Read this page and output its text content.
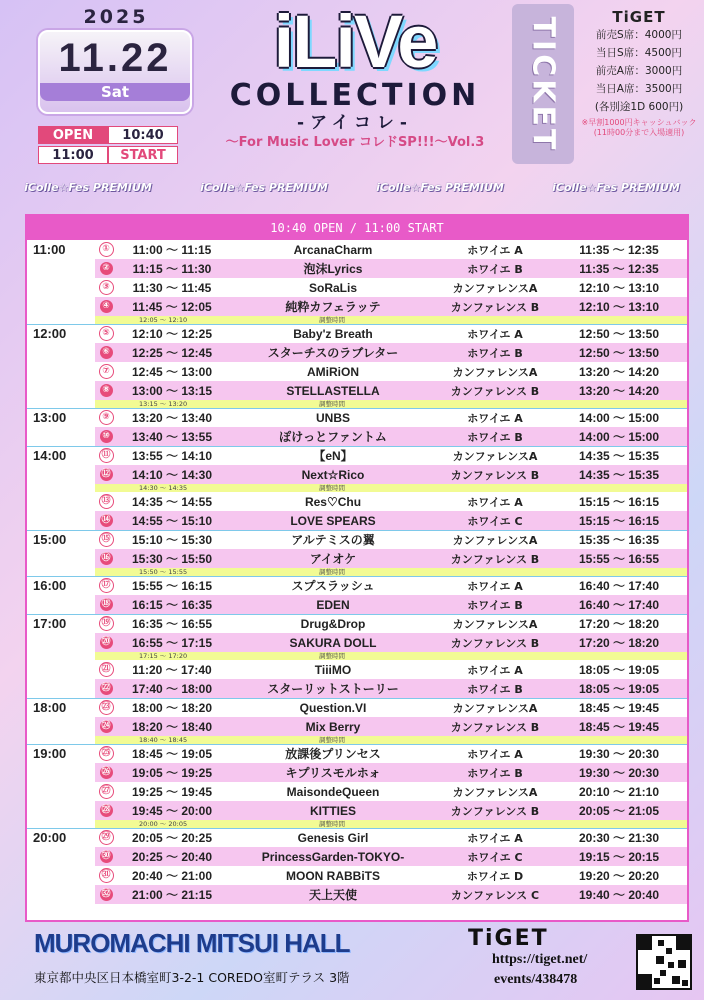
2025
11.22
Sat
OPEN	10:40
11:00	START
iLiVe
COLLECTION
-アイコレ-
～For Music Lover コレドSP!!!～Vol.3	TICKET	TiGET
前売S席：4000円
当日S席：4500円
前売A席：3000円
当日A席：3500円
(各別途1D 600円)
※早割1000円キャッシュバック
(11時00分まで入場適用)
iColle☆Fes PREMIUM	iColle☆Fes PREMIUM	iColle☆Fes PREMIUM	iColle☆Fes PREMIUM
10:40 OPEN / 11:00 START
11:00
12:00
13:00
14:00
15:00
16:00
17:00
18:00
19:00
20:00
①	11:00 ～ 11:15	ArcanaCharm	ホワイエ A	11:35 ～ 12:35
②	11:15 ～ 11:30	泡沫Lyrics	ホワイエ B	11:35 ～ 12:35
③	11:30 ～ 11:45	SoRaLis	カンファレンスA	12:10 ～ 13:10
④	11:45 ～ 12:05	純粋カフェラッテ	カンファレンス B	12:10 ～ 13:10
12:05 ～ 12:10	調整時間
⑤	12:10 ～ 12:25	Baby'z Breath	ホワイエ A	12:50 ～ 13:50
⑥	12:25 ～ 12:45	スターチスのラブレター	ホワイエ B	12:50 ～ 13:50
⑦	12:45 ～ 13:00	AMiRiON	カンファレンスA	13:20 ～ 14:20
⑧	13:00 ～ 13:15	STELLASTELLA	カンファレンス B	13:20 ～ 14:20
13:15 ～ 13:20	調整時間
⑨	13:20 ～ 13:40	UNBS	ホワイエ A	14:00 ～ 15:00
⑩	13:40 ～ 13:55	ぽけっとファントム	ホワイエ B	14:00 ～ 15:00
⑪	13:55 ～ 14:10	【eN】	カンファレンスA	14:35 ～ 15:35
⑫	14:10 ～ 14:30	Next☆Rico	カンファレンス B	14:35 ～ 15:35
14:30 ～ 14:35	調整時間
⑬	14:35 ～ 14:55	Res♡Chu	ホワイエ A	15:15 ～ 16:15
⑭	14:55 ～ 15:10	LOVE SPEARS	ホワイエ C	15:15 ～ 16:15
⑮	15:10 ～ 15:30	アルテミスの翼	カンファレンスA	15:35 ～ 16:35
⑯	15:30 ～ 15:50	アイオケ	カンファレンス B	15:55 ～ 16:55
15:50 ～ 15:55	調整時間
⑰	15:55 ～ 16:15	スプスラッシュ	ホワイエ A	16:40 ～ 17:40
⑱	16:15 ～ 16:35	EDEN	ホワイエ B	16:40 ～ 17:40
⑲	16:35 ～ 16:55	Drug&Drop	カンファレンスA	17:20 ～ 18:20
⑳	16:55 ～ 17:15	SAKURA DOLL	カンファレンス B	17:20 ～ 18:20
17:15 ～ 17:20	調整時間
㉑	11:20 ～ 17:40	TiiiMO	ホワイエ A	18:05 ～ 19:05
㉒	17:40 ～ 18:00	スターリットストーリー	ホワイエ B	18:05 ～ 19:05
㉓	18:00 ～ 18:20	Question.VI	カンファレンスA	18:45 ～ 19:45
㉔	18:20 ～ 18:40	Mix Berry	カンファレンス B	18:45 ～ 19:45
18:40 ～ 18:45	調整時間
㉕	18:45 ～ 19:05	放課後プリンセス	ホワイエ A	19:30 ～ 20:30
㉖	19:05 ～ 19:25	キプリスモルホォ	ホワイエ B	19:30 ～ 20:30
㉗	19:25 ～ 19:45	MaisondeQueen	カンファレンスA	20:10 ～ 21:10
㉘	19:45 ～ 20:00	KITTIES	カンファレンス B	20:05 ～ 21:05
20:00 ～ 20:05	調整時間
㉙	20:05 ～ 20:25	Genesis Girl	ホワイエ A	20:30 ～ 21:30
㉚	20:25 ～ 20:40	PrincessGarden-TOKYO-	ホワイエ C	19:15 ～ 20:15
㉛	20:40 ～ 21:00	MOON RABBiTS	ホワイエ D	19:20 ～ 20:20
㉜	21:00 ～ 21:15	天上天使	カンファレンス C	19:40 ～ 20:40
MUROMACHI MITSUI HALL
東京都中央区日本橋室町3-2-1 COREDO室町テラス 3階
TiGET
https://tiget.net/
events/438478
